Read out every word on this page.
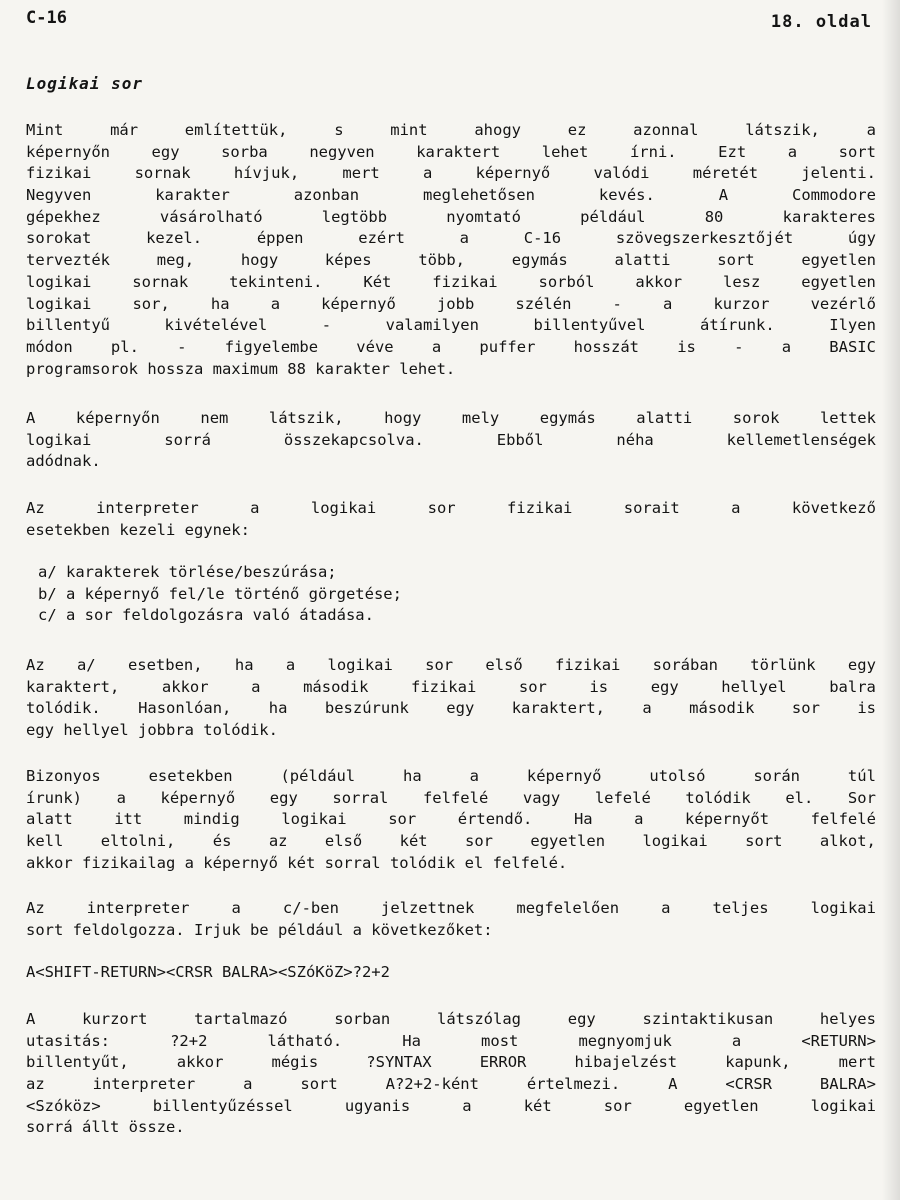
C-16	18. oldal
Logikai sor
Mint	már	említettük,	s	mint	ahogy	ez	azonnal	látszik,	a
képernyőn	egy	sorba	negyven	karaktert	lehet	írni.	Ezt	a	sort
fizikai	sornak	hívjuk,	mert	a	képernyő	valódi	méretét	jelenti.
Negyven	karakter	azonban	meglehetősen	kevés.	A	Commodore
gépekhez	vásárolható	legtöbb	nyomtató	például	80	karakteres
sorokat	kezel.	éppen	ezért	a	C-16	szövegszerkesztőjét	úgy
tervezték	meg,	hogy	képes	több,	egymás	alatti	sort	egyetlen
logikai	sornak	tekinteni.	Két	fizikai	sorból	akkor	lesz	egyetlen
logikai	sor,	ha	a	képernyő	jobb	szélén	-	a	kurzor	vezérlő
billentyű	kivételével	-	valamilyen	billentyűvel	átírunk.	Ilyen
módon pl. - figyelembe véve a puffer hosszát is - a BASIC
programsorok hossza maximum 88 karakter lehet.
A	képernyőn	nem	látszik,	hogy	mely	egymás	alatti	sorok	lettek
logikai	sorrá	összekapcsolva.	Ebből	néha	kellemetlenségek
adódnak.
Az	interpreter	a	logikai	sor	fizikai	sorait	a	következő
esetekben kezeli egynek:
a/ karakterek törlése/beszúrása;
b/ a képernyő fel/le történő görgetése;
c/ a sor feldolgozásra való átadása.
Az a/ esetben, ha a logikai sor első fizikai sorában törlünk egy
karaktert,	akkor	a	második	fizikai	sor	is	egy	hellyel	balra
tolódik. Hasonlóan, ha beszúrunk egy karaktert, a második sor is
egy hellyel jobbra tolódik.
Bizonyos	esetekben	(például	ha	a	képernyő	utolsó	során	túl
írunk) a képernyő egy sorral felfelé vagy lefelé tolódik el. Sor
alatt	itt	mindig	logikai	sor	értendő.	Ha	a	képernyőt	felfelé
kell eltolni, és az első két sor egyetlen logikai sort alkot,
akkor fizikailag a képernyő két sorral tolódik el felfelé.
Az	interpreter	a	c/-ben	jelzettnek	megfelelően	a	teljes	logikai
sort feldolgozza. Irjuk be például a következőket:
A<SHIFT-RETURN><CRSR BALRA><SZóKöZ>?2+2
A	kurzort	tartalmazó	sorban	látszólag	egy	szintaktikusan	helyes
utasitás:	?2+2	látható.	Ha	most	megnyomjuk	a	<RETURN>
billentyűt,	akkor	mégis	?SYNTAX	ERROR	hibajelzést	kapunk,	mert
az	interpreter	a	sort	A?2+2-ként	értelmezi.	A	<CRSR	BALRA>
<Szóköz>	billentyűzéssel	ugyanis	a	két	sor	egyetlen	logikai
sorrá állt össze.
